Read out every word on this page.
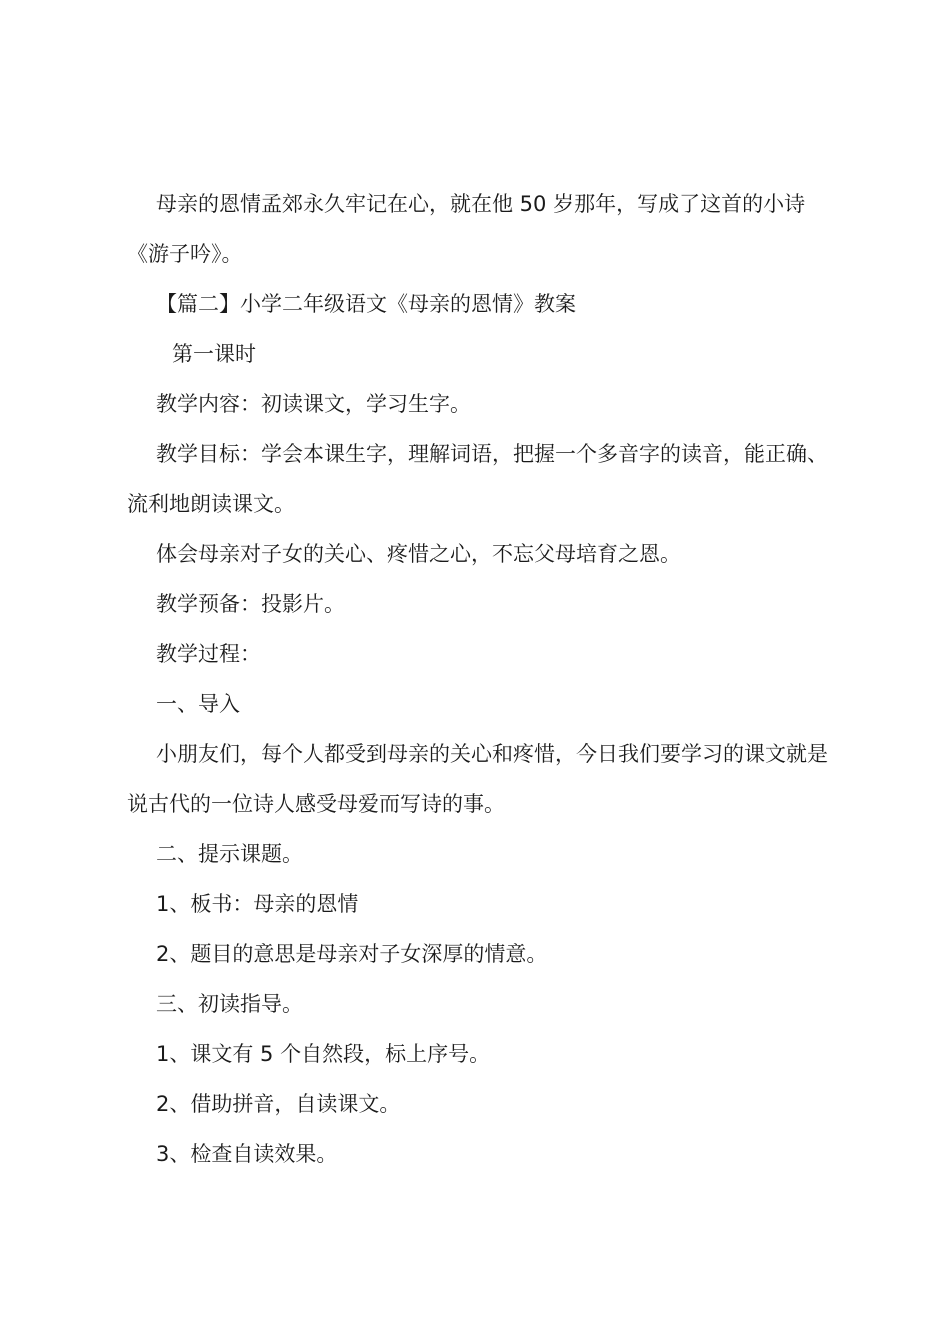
母亲的恩情孟郊永久牢记在心，就在他 50 岁那年，写成了这首的小诗《游子吟》。

【篇二】小学二年级语文《母亲的恩情》教案

第一课时

教学内容：初读课文，学习生字。

教学目标：学会本课生字，理解词语，把握一个多音字的读音，能正确、流利地朗读课文。

体会母亲对子女的关心、疼惜之心，不忘父母培育之恩。

教学预备：投影片。

教学过程：

一、导入

小朋友们，每个人都受到母亲的关心和疼惜，今日我们要学习的课文就是说古代的一位诗人感受母爱而写诗的事。

二、提示课题。

1、板书：母亲的恩情

2、题目的意思是母亲对子女深厚的情意。

三、初读指导。

1、课文有 5 个自然段，标上序号。

2、借助拼音，自读课文。

3、检查自读效果。
